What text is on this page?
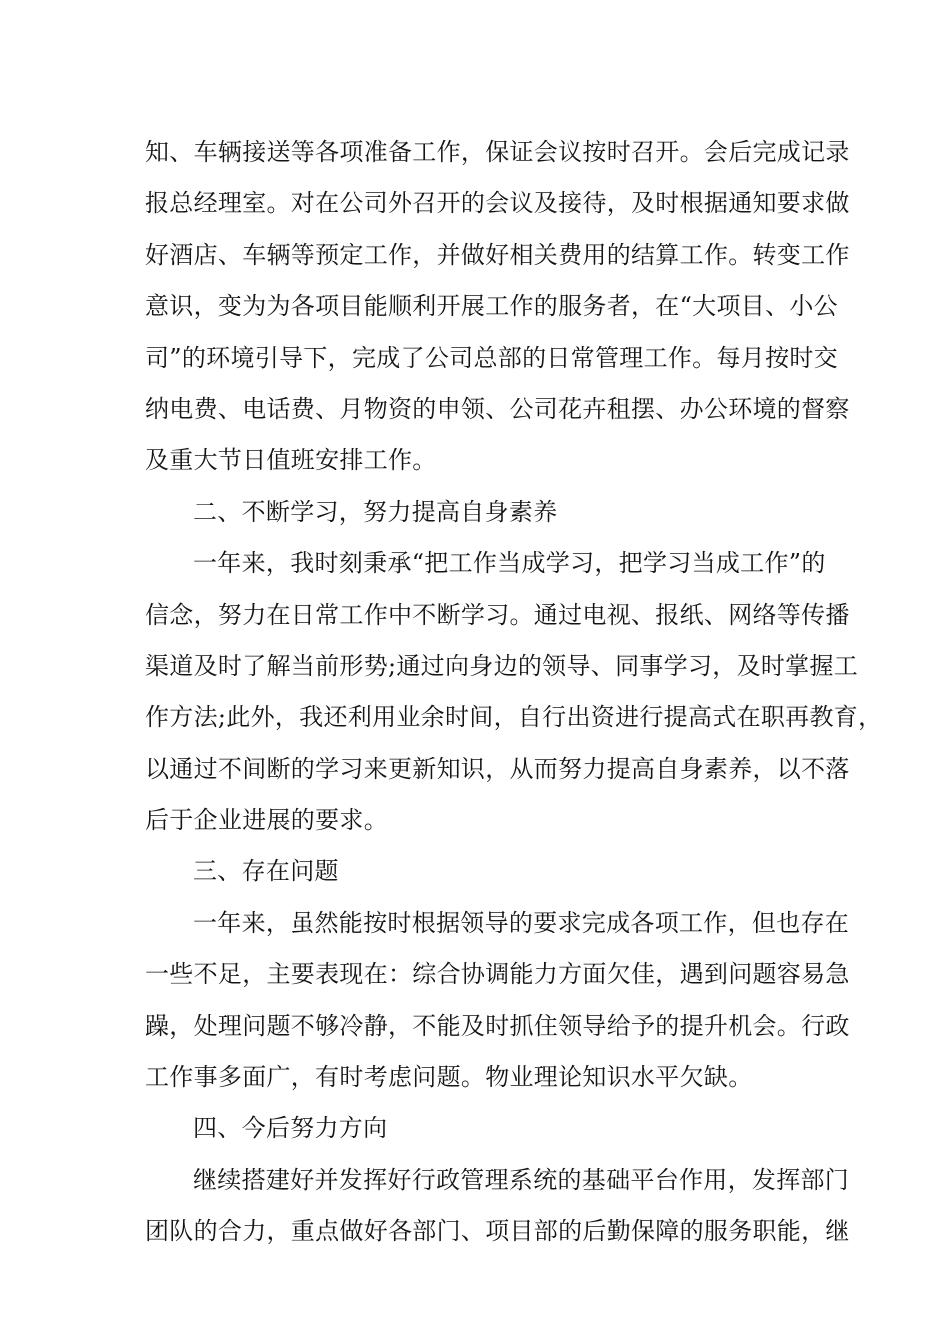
知、车辆接送等各项准备工作，保证会议按时召开。会后完成记录
报总经理室。对在公司外召开的会议及接待，及时根据通知要求做
好酒店、车辆等预定工作，并做好相关费用的结算工作。转变工作
意识，变为为各项目能顺利开展工作的服务者，在“大项目、小公
司”的环境引导下，完成了公司总部的日常管理工作。每月按时交
纳电费、电话费、月物资的申领、公司花卉租摆、办公环境的督察
及重大节日值班安排工作。
二、不断学习，努力提高自身素养
一年来，我时刻秉承“把工作当成学习，把学习当成工作”的
信念，努力在日常工作中不断学习。通过电视、报纸、网络等传播
渠道及时了解当前形势;通过向身边的领导、同事学习，及时掌握工
作方法;此外，我还利用业余时间，自行出资进行提高式在职再教育，
以通过不间断的学习来更新知识，从而努力提高自身素养，以不落
后于企业进展的要求。
三、存在问题
一年来，虽然能按时根据领导的要求完成各项工作，但也存在
一些不足，主要表现在：综合协调能力方面欠佳，遇到问题容易急
躁，处理问题不够冷静，不能及时抓住领导给予的提升机会。行政
工作事多面广，有时考虑问题。物业理论知识水平欠缺。
四、今后努力方向
继续搭建好并发挥好行政管理系统的基础平台作用，发挥部门
团队的合力，重点做好各部门、项目部的后勤保障的服务职能，继
